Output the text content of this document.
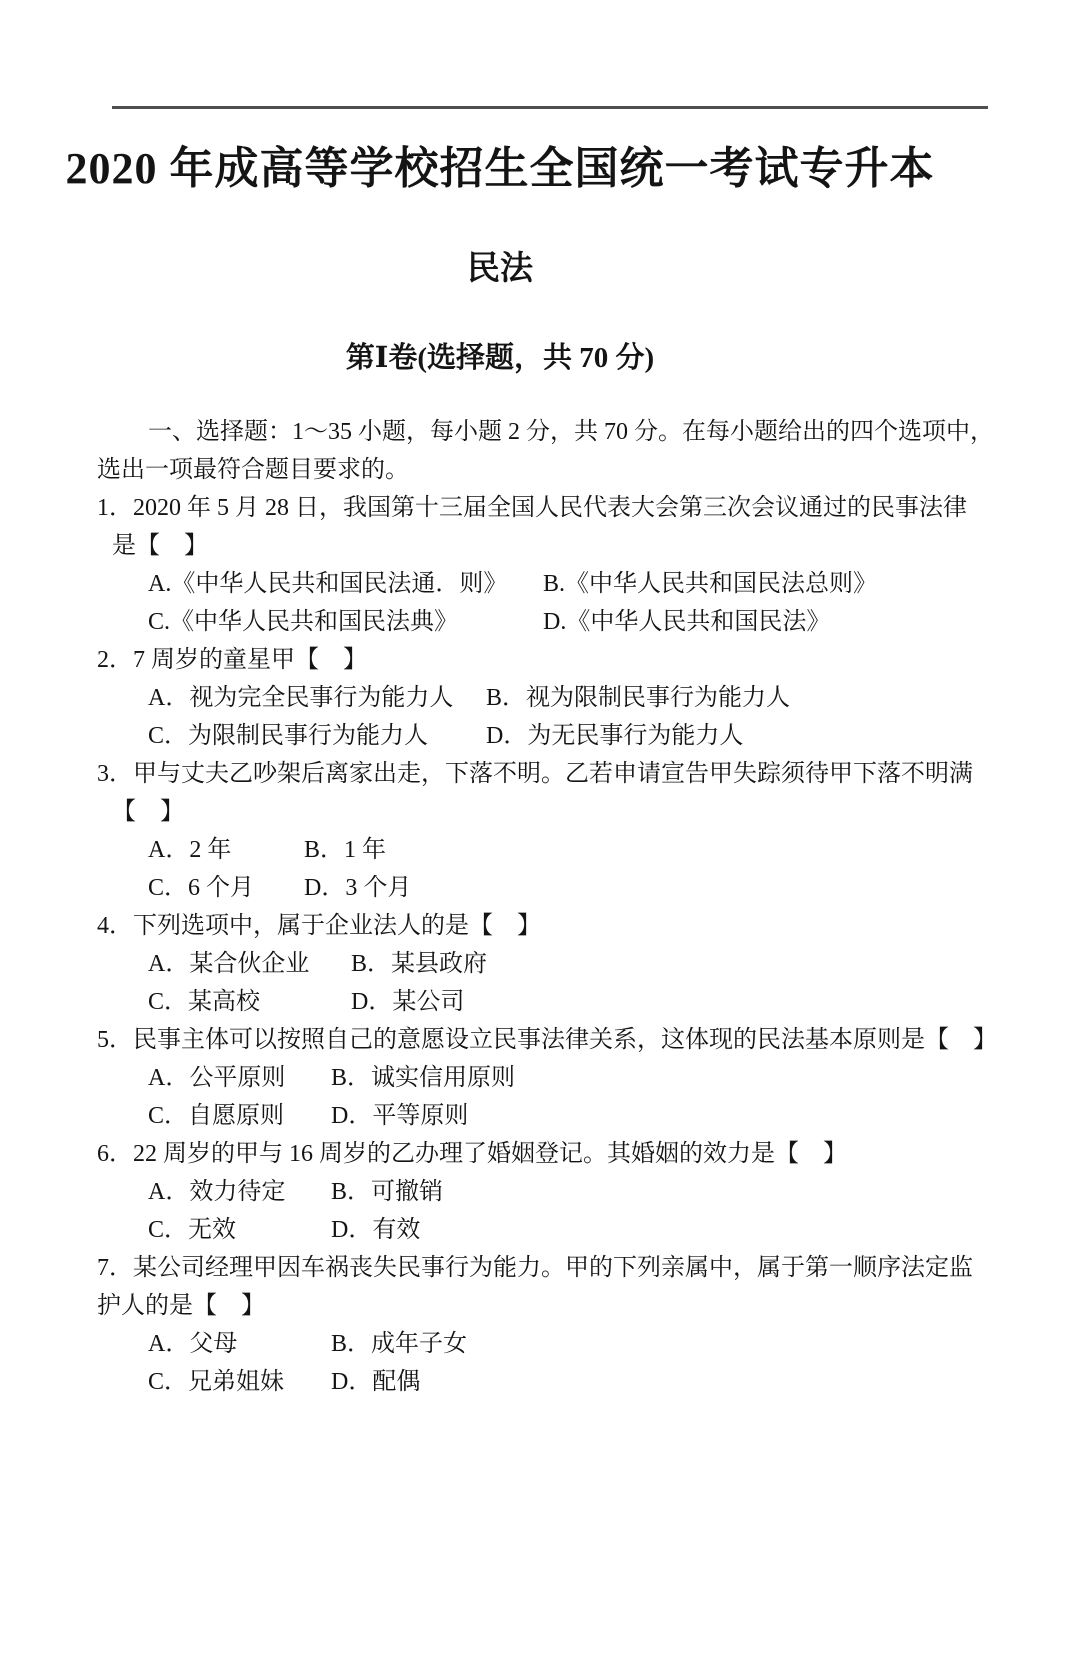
2020 年成高等学校招生全国统一考试专升本
民法
第Ⅰ卷(选择题，共 70 分)
一、选择题：1～35 小题，每小题 2 分，共 70 分。在每小题给出的四个选项中，
选出一项最符合题目要求的。
1．2020 年 5 月 28 日，我国第十三届全国人民代表大会第三次会议通过的民事法律
是【　】
A.《中华人民共和国民法通．则》 B.《中华人民共和国民法总则》
C.《中华人民共和国民法典》	D.《中华人民共和国民法》
2．7 周岁的童星甲【　】
A．视为完全民事行为能力人 B．视为限制民事行为能力人
C．为限制民事行为能力人 D．为无民事行为能力人
3．甲与丈夫乙吵架后离家出走，下落不明。乙若申请宣告甲失踪须待甲下落不明满
【　】
A．2 年	B．1 年
C．6 个月 D．3 个月
4．下列选项中，属于企业法人的是【　】
A．某合伙企业 B．某县政府
C．某高校	D．某公司
5．民事主体可以按照自己的意愿设立民事法律关系，这体现的民法基本原则是【　】
A．公平原则 B．诚实信用原则
C．自愿原则 D．平等原则
6．22 周岁的甲与 16 周岁的乙办理了婚姻登记。其婚姻的效力是【　】
A．效力待定 B．可撤销
C．无效	D．有效
7．某公司经理甲因车祸丧失民事行为能力。甲的下列亲属中，属于第一顺序法定监
护人的是【　】
A．父母	B．成年子女
C．兄弟姐妹 D．配偶
